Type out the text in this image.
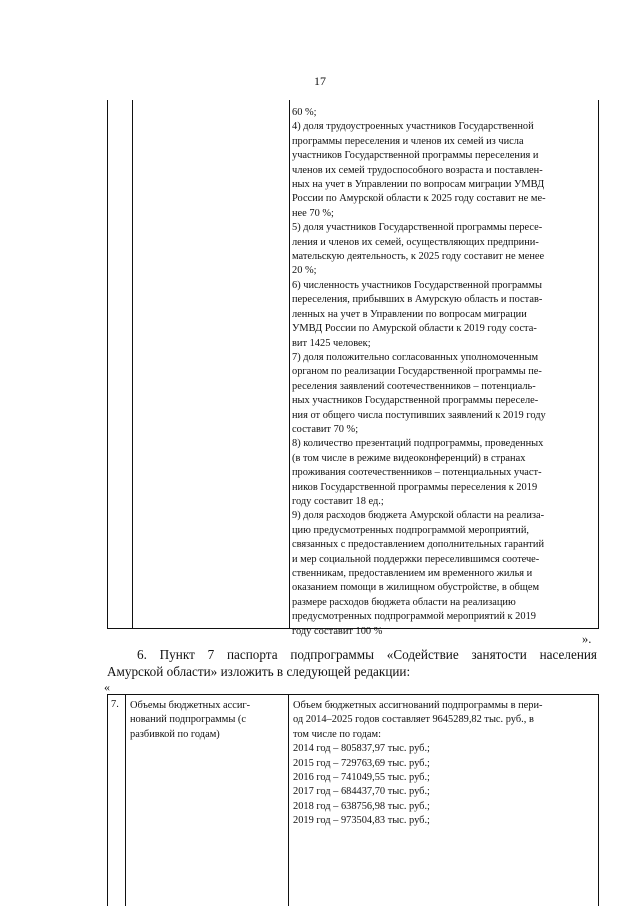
17
60 %;
4) доля трудоустроенных участников Государственной
программы переселения и членов их семей из числа
участников Государственной программы переселения и
членов их семей трудоспособного возраста и поставлен-
ных на учет в Управлении по вопросам миграции УМВД
России по Амурской области к 2025 году составит не ме-
нее 70 %;
5) доля участников Государственной программы пересе-
ления и членов их семей, осуществляющих предприни-
мательскую деятельность, к 2025 году составит не менее
20 %;
6) численность участников Государственной программы
переселения, прибывших в Амурскую область и постав-
ленных на учет в Управлении по вопросам миграции
УМВД России по Амурской области к 2019 году соста-
вит 1425 человек;
7) доля положительно согласованных уполномоченным
органом по реализации Государственной программы пе-
реселения заявлений соотечественников – потенциаль-
ных участников Государственной программы переселе-
ния от общего числа поступивших заявлений к 2019 году
составит 70 %;
8) количество презентаций подпрограммы, проведенных
(в том числе в режиме видеоконференций) в странах
проживания соотечественников – потенциальных участ-
ников Государственной программы переселения к 2019
году составит 18 ед.;
9) доля расходов бюджета Амурской области на реализа-
цию предусмотренных подпрограммой мероприятий,
связанных с предоставлением дополнительных гарантий
и мер социальной поддержки переселившимся соотече-
ственникам, предоставлением им временного жилья и
оказанием помощи в жилищном обустройстве, в общем
размере расходов бюджета области на реализацию
предусмотренных подпрограммой мероприятий к 2019
году составит 100 %
».
6. Пункт 7 паспорта подпрограммы «Содействие занятости населения
Амурской области» изложить в следующей редакции:
«
7. Объемы бюджетных ассиг-
нований подпрограммы (с
разбивкой по годам)
Объем бюджетных ассигнований подпрограммы в пери-
од 2014–2025 годов составляет 9645289,82 тыс. руб., в
том числе по годам:
2014 год – 805837,97 тыс. руб.;
2015 год – 729763,69 тыс. руб.;
2016 год – 741049,55 тыс. руб.;
2017 год – 684437,70 тыс. руб.;
2018 год – 638756,98 тыс. руб.;
2019 год – 973504,83 тыс. руб.;
